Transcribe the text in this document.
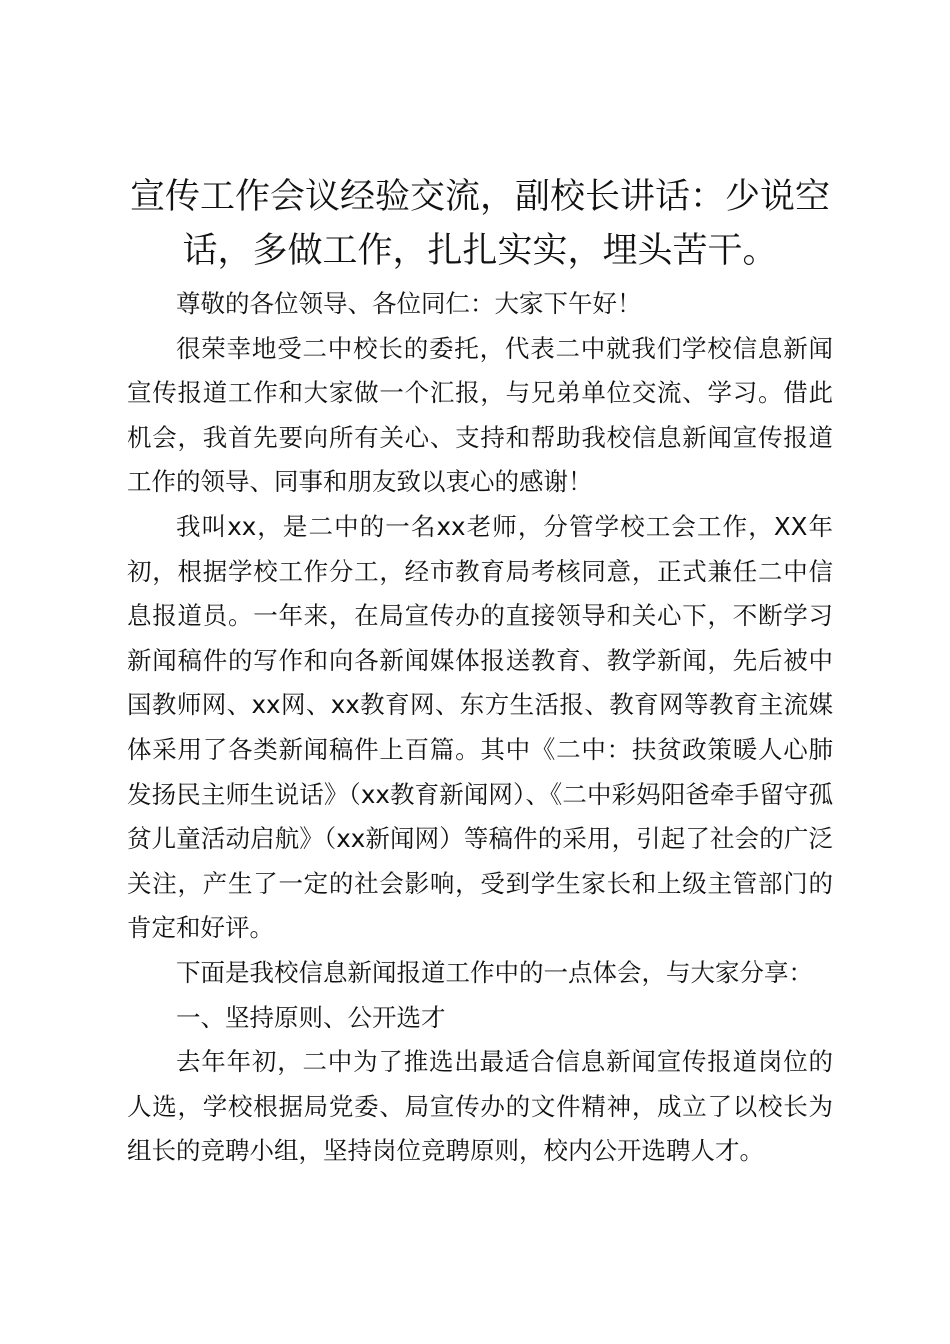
宣传工作会议经验交流，副校长讲话：少说空话，多做工作，扎扎实实，埋头苦干。

尊敬的各位领导、各位同仁：大家下午好！

很荣幸地受二中校长的委托，代表二中就我们学校信息新闻宣传报道工作和大家做一个汇报，与兄弟单位交流、学习。借此机会，我首先要向所有关心、支持和帮助我校信息新闻宣传报道工作的领导、同事和朋友致以衷心的感谢！

我叫xx，是二中的一名xx老师，分管学校工会工作，XX年初，根据学校工作分工，经市教育局考核同意，正式兼任二中信息报道员。一年来，在局宣传办的直接领导和关心下，不断学习新闻稿件的写作和向各新闻媒体报送教育、教学新闻，先后被中国教师网、xx网、xx教育网、东方生活报、教育网等教育主流媒体采用了各类新闻稿件上百篇。其中《二中：扶贫政策暖人心肺发扬民主师生说话》（xx教育新闻网）、《二中彩妈阳爸牵手留守孤贫儿童活动启航》（xx新闻网）等稿件的采用，引起了社会的广泛关注，产生了一定的社会影响，受到学生家长和上级主管部门的肯定和好评。

下面是我校信息新闻报道工作中的一点体会，与大家分享：

一、坚持原则、公开选才

去年年初，二中为了推选出最适合信息新闻宣传报道岗位的人选，学校根据局党委、局宣传办的文件精神，成立了以校长为组长的竞聘小组，坚持岗位竞聘原则，校内公开选聘人才。
